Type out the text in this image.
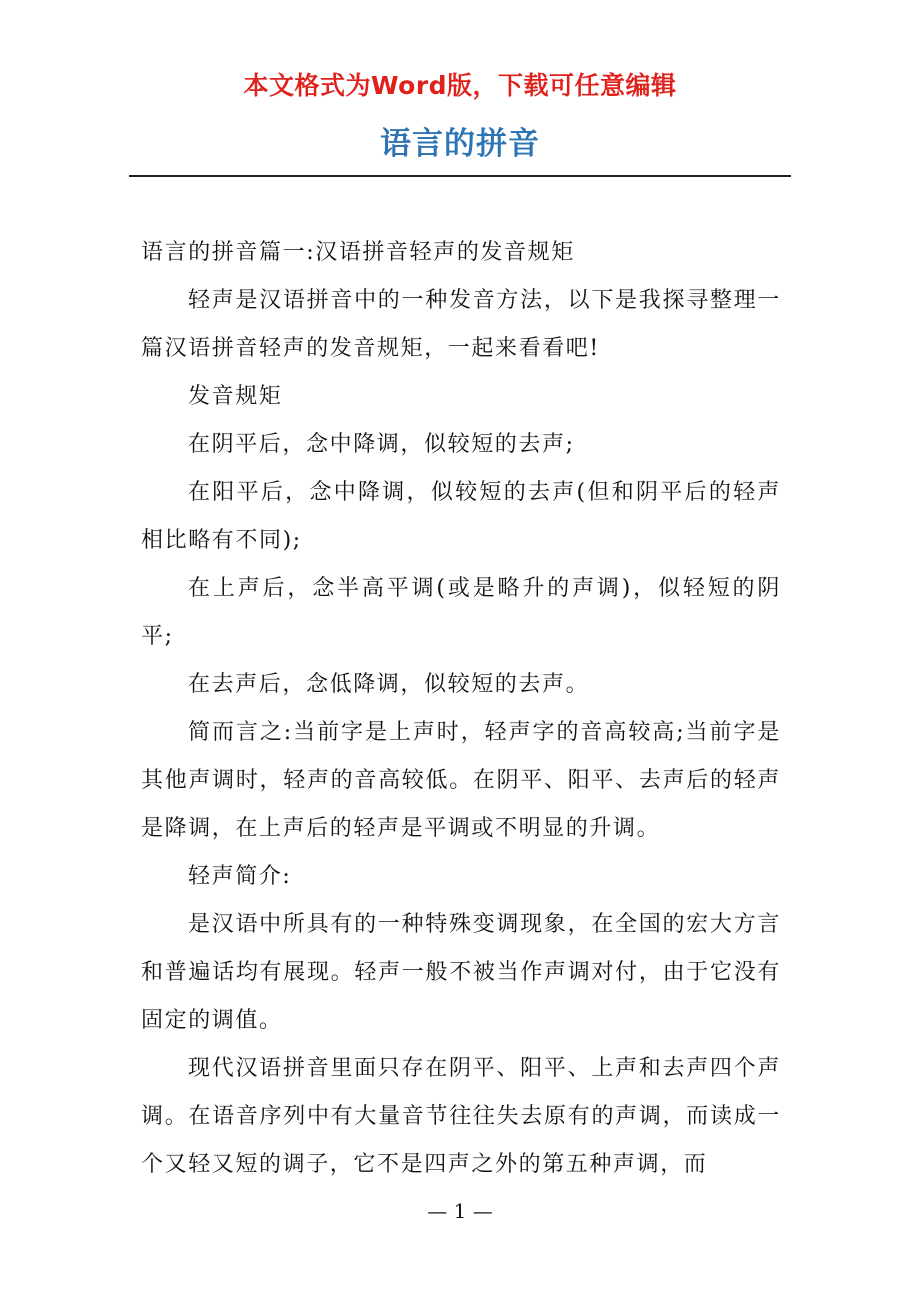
本文格式为Word版，下载可任意编辑
语言的拼音

语言的拼音篇一:汉语拼音轻声的发音规矩

轻声是汉语拼音中的一种发音方法，以下是我探寻整理一篇汉语拼音轻声的发音规矩，一起来看看吧!

发音规矩

在阴平后，念中降调，似较短的去声;

在阳平后，念中降调，似较短的去声(但和阴平后的轻声相比略有不同);

在上声后，念半高平调(或是略升的声调)，似轻短的阴平;

在去声后，念低降调，似较短的去声。

简而言之:当前字是上声时，轻声字的音高较高;当前字是其他声调时，轻声的音高较低。在阴平、阳平、去声后的轻声是降调，在上声后的轻声是平调或不明显的升调。

轻声简介:

是汉语中所具有的一种特殊变调现象，在全国的宏大方言和普遍话均有展现。轻声一般不被当作声调对付，由于它没有固定的调值。

现代汉语拼音里面只存在阴平、阳平、上声和去声四个声调。在语音序列中有大量音节往往失去原有的声调，而读成一个又轻又短的调子，它不是四声之外的第五种声调，而

— 1 —
